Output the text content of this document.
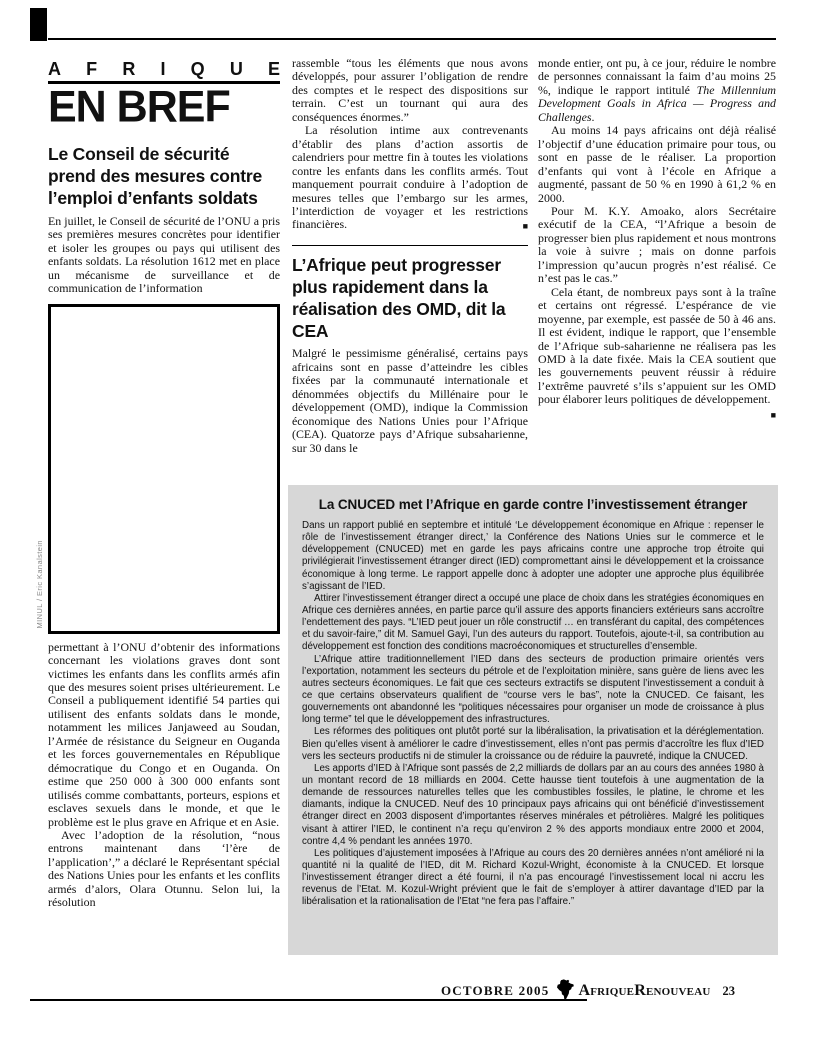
A F R I Q U E
EN BREF
Le Conseil de sécurité prend des mesures contre l’emploi d’enfants soldats

En juillet, le Conseil de sécurité de l’ONU a pris ses premières mesures concrètes pour identifier et isoler les groupes ou pays qui utilisent des enfants soldats. La résolution 1612 met en place un mécanisme de surveillance et de communication de l’information

MINUL / Eric Kanalstein

permettant à l’ONU d’obtenir des informations concernant les violations graves dont sont victimes les enfants dans les conflits armés afin que des mesures soient prises ultérieurement. Le Conseil a publiquement identifié 54 parties qui utilisent des enfants soldats dans le monde, notamment les milices Janjaweed au Soudan, l’Armée de résistance du Seigneur en Ouganda et les forces gouvernementales en République démocratique du Congo et en Ouganda. On estime que 250 000 à 300 000 enfants sont utilisés comme combattants, porteurs, espions et esclaves sexuels dans le monde, et que le problème est le plus grave en Afrique et en Asie.

Avec l’adoption de la résolution, “nous entrons maintenant dans ‘l’ère de l’application’,” a déclaré le Représentant spécial des Nations Unies pour les enfants et les conflits armés d’alors, Olara Otunnu. Selon lui, la résolution

rassemble “tous les éléments que nous avons développés, pour assurer l’obligation de rendre des comptes et le respect des dispositions sur terrain. C’est un tournant qui aura des conséquences énormes.”

La résolution intime aux contrevenants d’établir des plans d’action assortis de calendriers pour mettre fin à toutes les violations contre les enfants dans les conflits armés. Tout manquement pourrait conduire à l’adoption de mesures telles que l’embargo sur les armes, l’interdiction de voyager et les restrictions financières.	■

L’Afrique peut progresser plus rapidement dans la réalisation des OMD, dit la CEA

Malgré le pessimisme généralisé, certains pays africains sont en passe d’atteindre les cibles fixées par la communauté internationale et dénommées objectifs du Millénaire pour le développement (OMD), indique la Commission économique des Nations Unies pour l’Afrique (CEA). Quatorze pays d’Afrique subsaharienne, sur 30 dans le

monde entier, ont pu, à ce jour, réduire le nombre de personnes connaissant la faim d’au moins 25 %, indique le rapport intitulé The Millennium Development Goals in Africa — Progress and Challenges.

Au moins 14 pays africains ont déjà réalisé l’objectif d’une éducation primaire pour tous, ou sont en passe de le réaliser. La proportion d’enfants qui vont à l’école en Afrique a augmenté, passant de 50 % en 1990 à 61,2 % en 2000.

Pour M. K.Y. Amoako, alors Secrétaire exécutif de la CEA, “l’Afrique a besoin de progresser bien plus rapidement et nous montrons la voie à suivre ; mais on donne parfois l’impression qu’aucun progrès n’est réalisé. Ce n’est pas le cas.”

Cela étant, de nombreux pays sont à la traîne et certains ont régressé. L’espérance de vie moyenne, par exemple, est passée de 50 à 46 ans. Il est évident, indique le rapport, que l’ensemble de l’Afrique sub-saharienne ne réalisera pas les OMD à la date fixée. Mais la CEA soutient que les gouvernements peuvent réussir à réduire l’extrême pauvreté s’ils s’appuient sur les OMD pour élaborer leurs politiques de développement.
■

La CNUCED met l’Afrique en garde contre l’investissement étranger

Dans un rapport publié en septembre et intitulé ‘Le développement économique en Afrique : repenser le rôle de l’investissement étranger direct,’ la Conférence des Nations Unies sur le commerce et le développement (CNUCED) met en garde les pays africains contre une approche trop étroite qui privilégierait l’investissement étranger direct (IED) compromettant ainsi le développement et la croissance économique à long terme. Le rapport appelle donc à adopter une adopter une approche plus équilibrée s’agissant de l’IED.

Attirer l’investissement étranger direct a occupé une place de choix dans les stratégies économiques en Afrique ces dernières années, en partie parce qu’il assure des apports financiers extérieurs sans accroître l’endettement des pays. “L’IED peut jouer un rôle constructif … en transférant du capital, des compétences et du savoir-faire,” dit M. Samuel Gayi, l’un des auteurs du rapport. Toutefois, ajoute-t-il, sa contribution au développement est fonction des conditions macroéconomiques et structurelles d’ensemble.

L’Afrique attire traditionnellement l’IED dans des secteurs de production primaire orientés vers l’exportation, notamment les secteurs du pétrole et de l’exploitation minière, sans guère de liens avec les autres secteurs économiques. Le fait que ces secteurs extractifs se disputent l’investissement a conduit à ce que certains observateurs qualifient de “course vers le bas”, note la CNUCED. Ce faisant, les gouvernements ont abandonné les “politiques nécessaires pour organiser un mode de croissance à plus long terme” tel que le développement des infrastructures.

Les réformes des politiques ont plutôt porté sur la libéralisation, la privatisation et la déréglementation. Bien qu’elles visent à améliorer le cadre d’investissement, elles n’ont pas permis d’accroître les flux d’IED vers les secteurs productifs ni de stimuler la croissance ou de réduire la pauvreté, indique la CNUCED.

Les apports d’IED à l’Afrique sont passés de 2,2 milliards de dollars par an au cours des années 1980 à un montant record de 18 milliards en 2004. Cette hausse tient toutefois à une augmentation de la demande de ressources naturelles telles que les combustibles fossiles, le platine, le chrome et les diamants, indique la CNUCED. Neuf des 10 principaux pays africains qui ont bénéficié d’investissement étranger direct en 2003 disposent d’importantes réserves minérales et pétrolières. Malgré les politiques visant à attirer l’IED, le continent n’a reçu qu’environ 2 % des apports mondiaux entre 2000 et 2004, contre 4,4 % pendant les années 1970.

Les politiques d’ajustement imposées à l’Afrique au cours des 20 dernières années n’ont amélioré ni la quantité ni la qualité de l’IED, dit M. Richard Kozul-Wright, économiste à la CNUCED. Et lorsque l’investissement étranger direct a été fourni, il n’a pas encouragé l’investissement local ni accru les revenus de l’Etat. M. Kozul-Wright prévient que le fait de s’employer à attirer davantage d’IED par la libéralisation et la rationalisation de l’Etat “ne fera pas l’affaire.”

OCTOBRE 2005 AfriqueRenouveau 23
